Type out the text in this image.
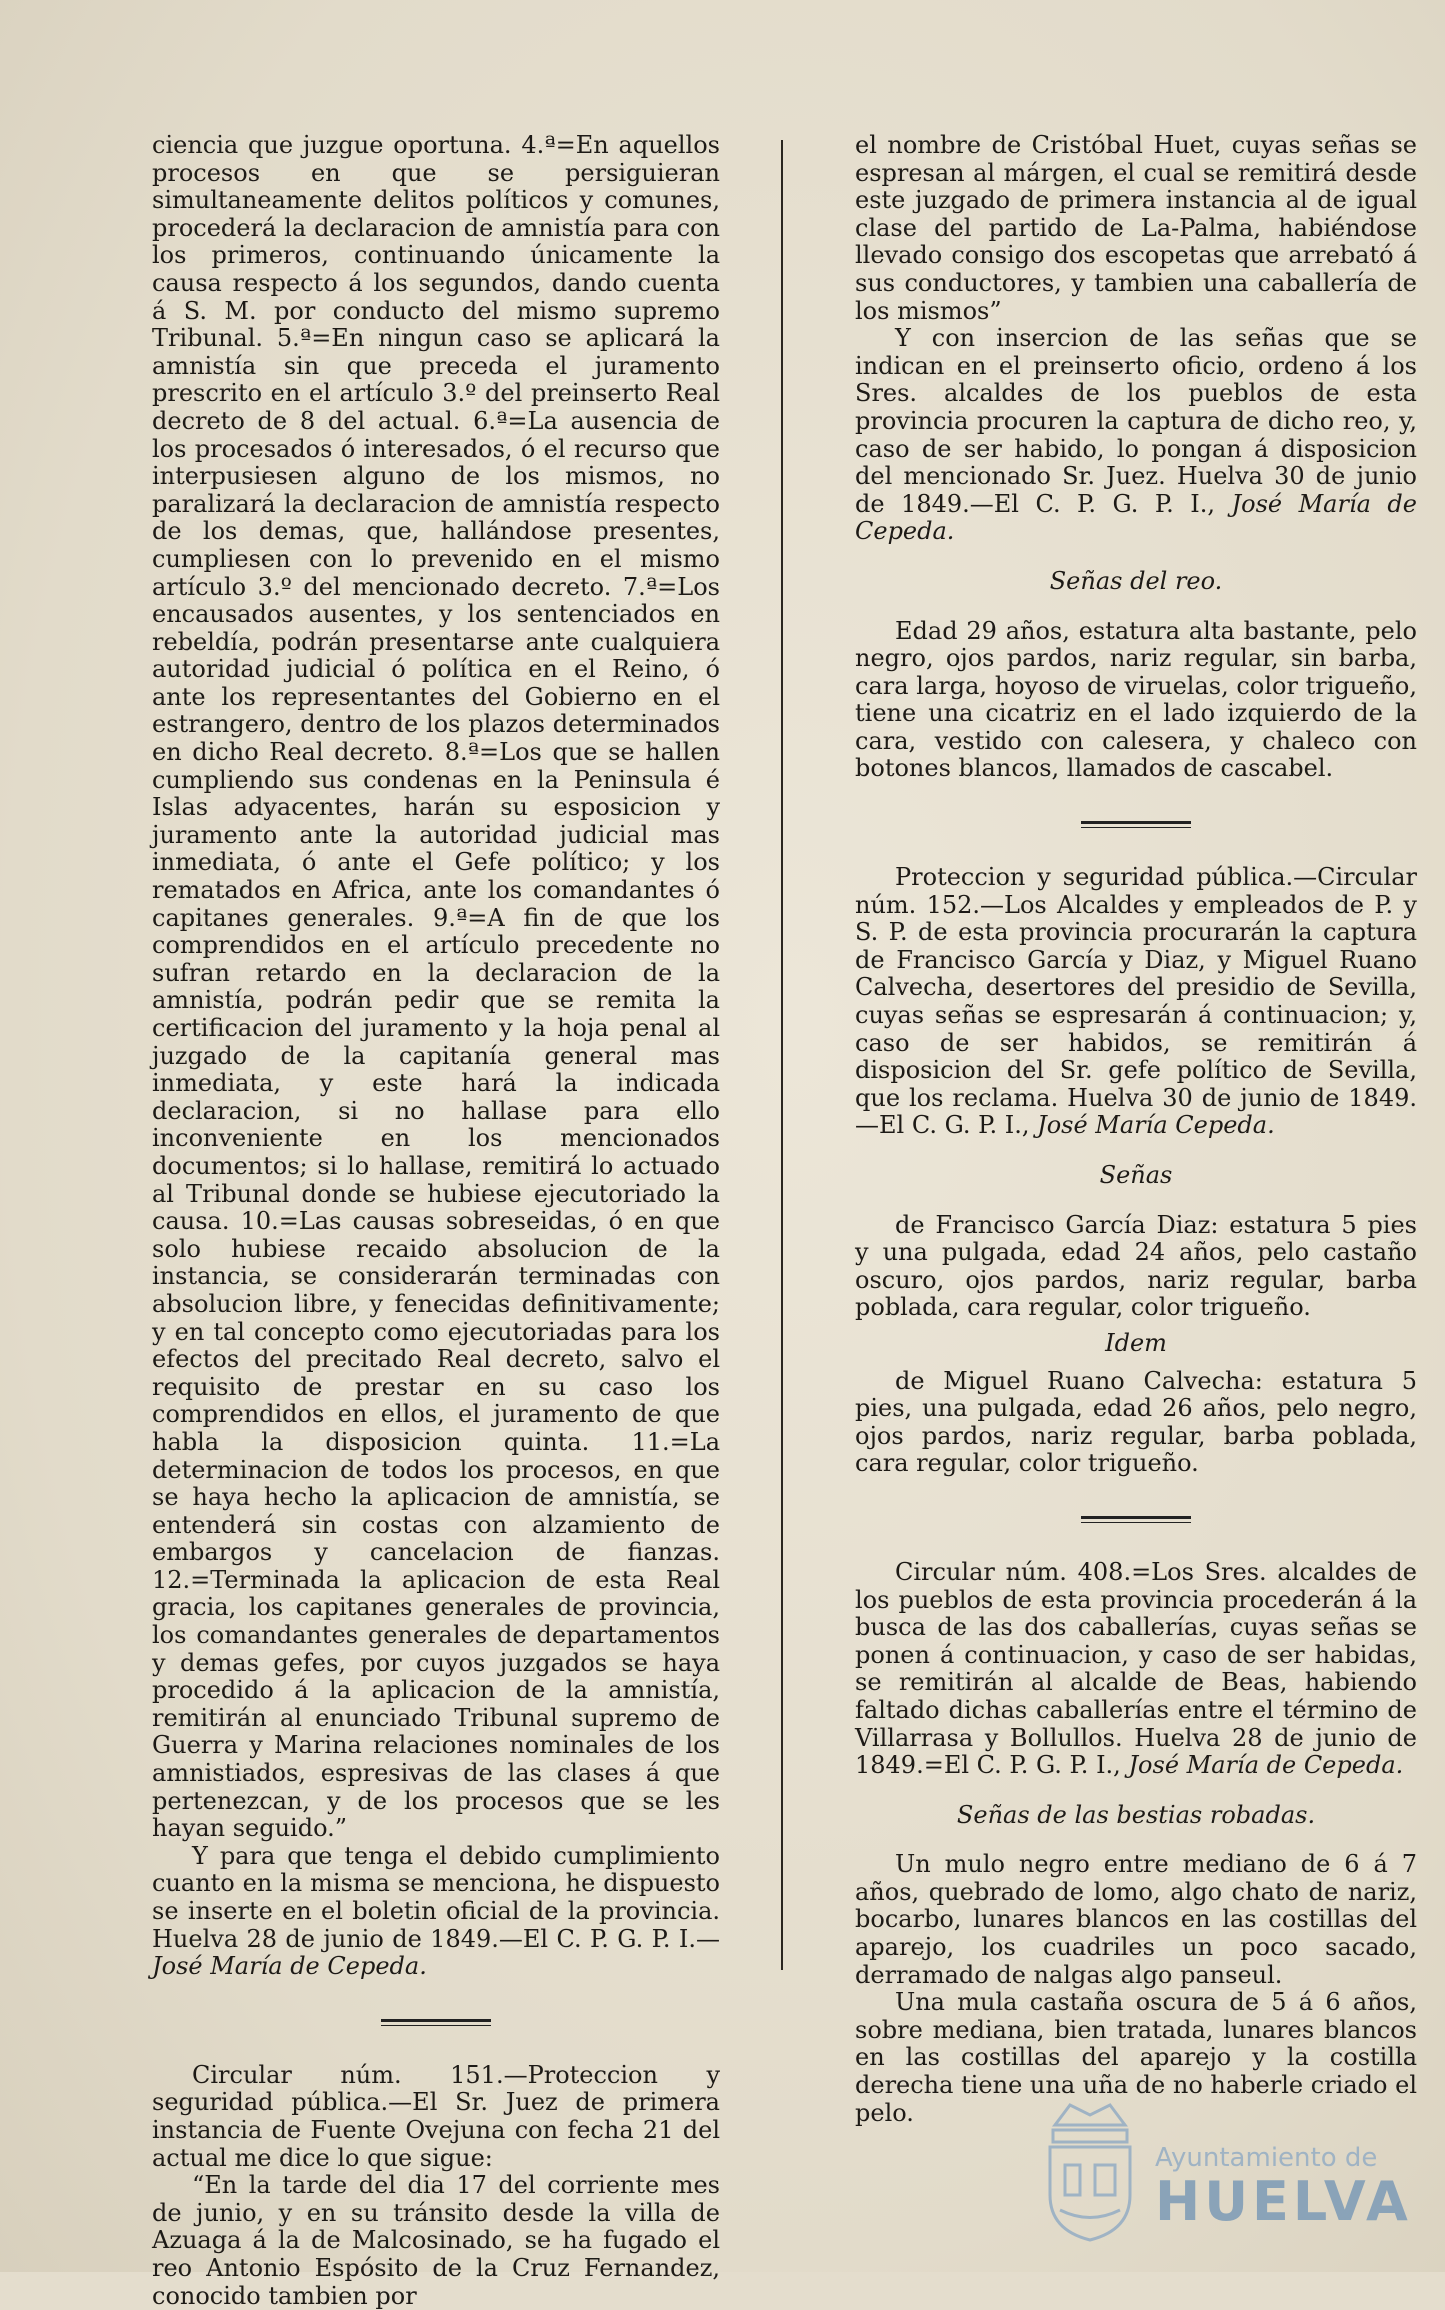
ciencia que juzgue oportuna. 4.ª=En aquellos procesos en que se persiguieran simultaneamente delitos políticos y comunes, procederá la declaracion de amnistía para con los primeros, continuando únicamente la causa respecto á los segundos, dando cuenta á S. M. por conducto del mismo supremo Tribunal. 5.ª=En ningun caso se aplicará la amnistía sin que preceda el juramento prescrito en el artículo 3.º del preinserto Real decreto de 8 del actual. 6.ª=La ausencia de los procesados ó interesados, ó el recurso que interpusiesen alguno de los mismos, no paralizará la declaracion de amnistía respecto de los demas, que, hallándose presentes, cumpliesen con lo prevenido en el mismo artículo 3.º del mencionado decreto. 7.ª=Los encausados ausentes, y los sentenciados en rebeldía, podrán presentarse ante cualquiera autoridad judicial ó política en el Reino, ó ante los representantes del Gobierno en el estrangero, dentro de los plazos determinados en dicho Real decreto. 8.ª=Los que se hallen cumpliendo sus condenas en la Peninsula é Islas adyacentes, harán su esposicion y juramento ante la autoridad judicial mas inmediata, ó ante el Gefe político; y los rematados en Africa, ante los comandantes ó capitanes generales. 9.ª=A fin de que los comprendidos en el artículo precedente no sufran retardo en la declaracion de la amnistía, podrán pedir que se remita la certificacion del juramento y la hoja penal al juzgado de la capitanía general mas inmediata, y este hará la indicada declaracion, si no hallase para ello inconveniente en los mencionados documentos; si lo hallase, remitirá lo actuado al Tribunal donde se hubiese ejecutoriado la causa. 10.=Las causas sobreseidas, ó en que solo hubiese recaido absolucion de la instancia, se considerarán terminadas con absolucion libre, y fenecidas definitivamente; y en tal concepto como ejecutoriadas para los efectos del precitado Real decreto, salvo el requisito de prestar en su caso los comprendidos en ellos, el juramento de que habla la disposicion quinta. 11.=La determinacion de todos los procesos, en que se haya hecho la aplicacion de amnistía, se entenderá sin costas con alzamiento de embargos y cancelacion de fianzas. 12.=Terminada la aplicacion de esta Real gracia, los capitanes generales de provincia, los comandantes generales de departamentos y demas gefes, por cuyos juzgados se haya procedido á la aplicacion de la amnistía, remitirán al enunciado Tribunal supremo de Guerra y Marina relaciones nominales de los amnistiados, espresivas de las clases á que pertenezcan, y de los procesos que se les hayan seguido.”

Y para que tenga el debido cumplimiento cuanto en la misma se menciona, he dispuesto se inserte en el boletin oficial de la provincia. Huelva 28 de junio de 1849.—El C. P. G. P. I.—José María de Cepeda.

Circular núm. 151.—Proteccion y seguridad pública.—El Sr. Juez de primera instancia de Fuente Ovejuna con fecha 21 del actual me dice lo que sigue:

“En la tarde del dia 17 del corriente mes de junio, y en su tránsito desde la villa de Azuaga á la de Malcosinado, se ha fugado el reo Antonio Espósito de la Cruz Fernandez, conocido tambien por

el nombre de Cristóbal Huet, cuyas señas se espresan al márgen, el cual se remitirá desde este juzgado de primera instancia al de igual clase del partido de La-Palma, habiéndose llevado consigo dos escopetas que arrebató á sus conductores, y tambien una caballería de los mismos”

Y con insercion de las señas que se indican en el preinserto oficio, ordeno á los Sres. alcaldes de los pueblos de esta provincia procuren la captura de dicho reo, y, caso de ser habido, lo pongan á disposicion del mencionado Sr. Juez. Huelva 30 de junio de 1849.—El C. P. G. P. I., José María de Cepeda.

Señas del reo.

Edad 29 años, estatura alta bastante, pelo negro, ojos pardos, nariz regular, sin barba, cara larga, hoyoso de viruelas, color trigueño, tiene una cicatriz en el lado izquierdo de la cara, vestido con calesera, y chaleco con botones blancos, llamados de cascabel.

Proteccion y seguridad pública.—Circular núm. 152.—Los Alcaldes y empleados de P. y S. P. de esta provincia procurarán la captura de Francisco García y Diaz, y Miguel Ruano Calvecha, desertores del presidio de Sevilla, cuyas señas se espresarán á continuacion; y, caso de ser habidos, se remitirán á disposicion del Sr. gefe político de Sevilla, que los reclama. Huelva 30 de junio de 1849.—El C. G. P. I., José María Cepeda.

Señas

de Francisco García Diaz: estatura 5 pies y una pulgada, edad 24 años, pelo castaño oscuro, ojos pardos, nariz regular, barba poblada, cara regular, color trigueño.

Idem

de Miguel Ruano Calvecha: estatura 5 pies, una pulgada, edad 26 años, pelo negro, ojos pardos, nariz regular, barba poblada, cara regular, color trigueño.

Circular núm. 408.=Los Sres. alcaldes de los pueblos de esta provincia procederán á la busca de las dos caballerías, cuyas señas se ponen á continuacion, y caso de ser habidas, se remitirán al alcalde de Beas, habiendo faltado dichas caballerías entre el término de Villarrasa y Bollullos. Huelva 28 de junio de 1849.=El C. P. G. P. I., José María de Cepeda.

Señas de las bestias robadas.

Un mulo negro entre mediano de 6 á 7 años, quebrado de lomo, algo chato de nariz, bocarbo, lunares blancos en las costillas del aparejo, los cuadriles un poco sacado, derramado de nalgas algo panseul.

Una mula castaña oscura de 5 á 6 años, sobre mediana, bien tratada, lunares blancos en las costillas del aparejo y la costilla derecha tiene una uña de no haberle criado el pelo.

Ayuntamiento de
HUELVA
